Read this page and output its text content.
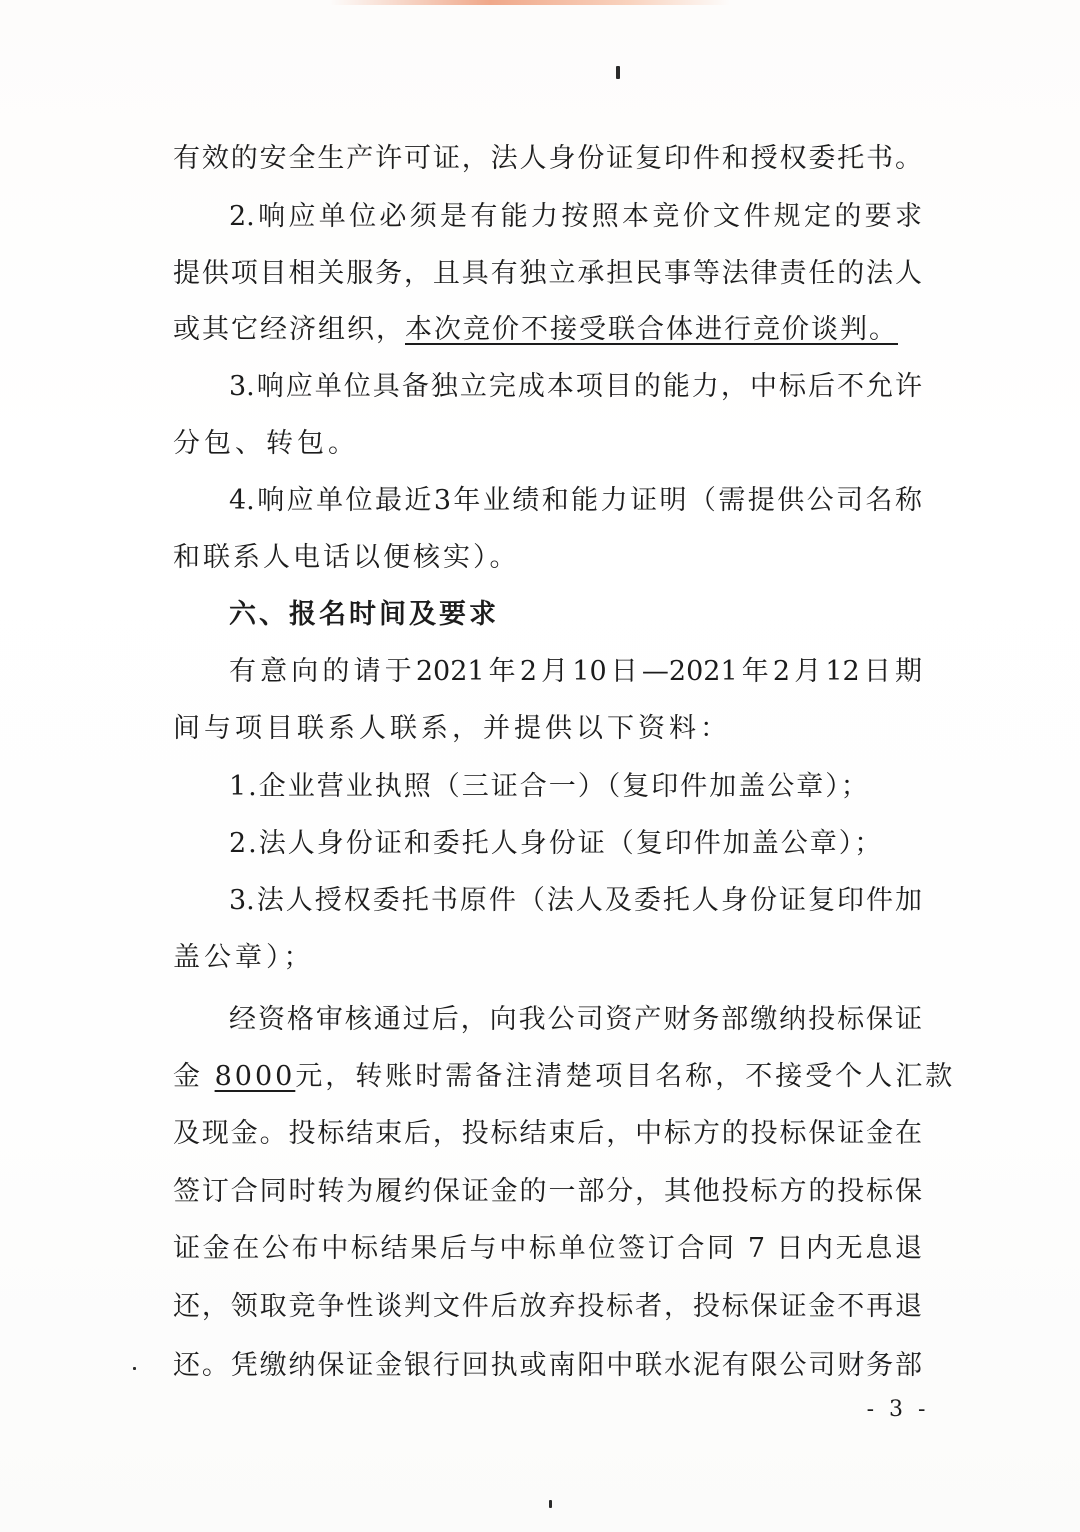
有效的安全生产许可证，法人身份证复印件和授权委托书。
2.响应单位必须是有能力按照本竞价文件规定的要求
提供项目相关服务，且具有独立承担民事等法律责任的法人
或其它经济组织，本次竞价不接受联合体进行竞价谈判。
3.响应单位具备独立完成本项目的能力，中标后不允许
分包、转包。
4.响应单位最近3年业绩和能力证明（需提供公司名称
和联系人电话以便核实）。
六、报名时间及要求
有意向的请于2021年2月10日—2021年2月12日期
间与项目联系人联系，并提供以下资料：
1.企业营业执照（三证合一）（复印件加盖公章）；
2.法人身份证和委托人身份证（复印件加盖公章）；
3.法人授权委托书原件（法人及委托人身份证复印件加
盖公章）；
经资格审核通过后，向我公司资产财务部缴纳投标保证
金 8000元，转账时需备注清楚项目名称，不接受个人汇款
及现金。投标结束后，投标结束后，中标方的投标保证金在
签订合同时转为履约保证金的一部分，其他投标方的投标保
证金在公布中标结果后与中标单位签订合同 7 日内无息退
还，领取竞争性谈判文件后放弃投标者，投标保证金不再退
还。凭缴纳保证金银行回执或南阳中联水泥有限公司财务部
- 3 -
